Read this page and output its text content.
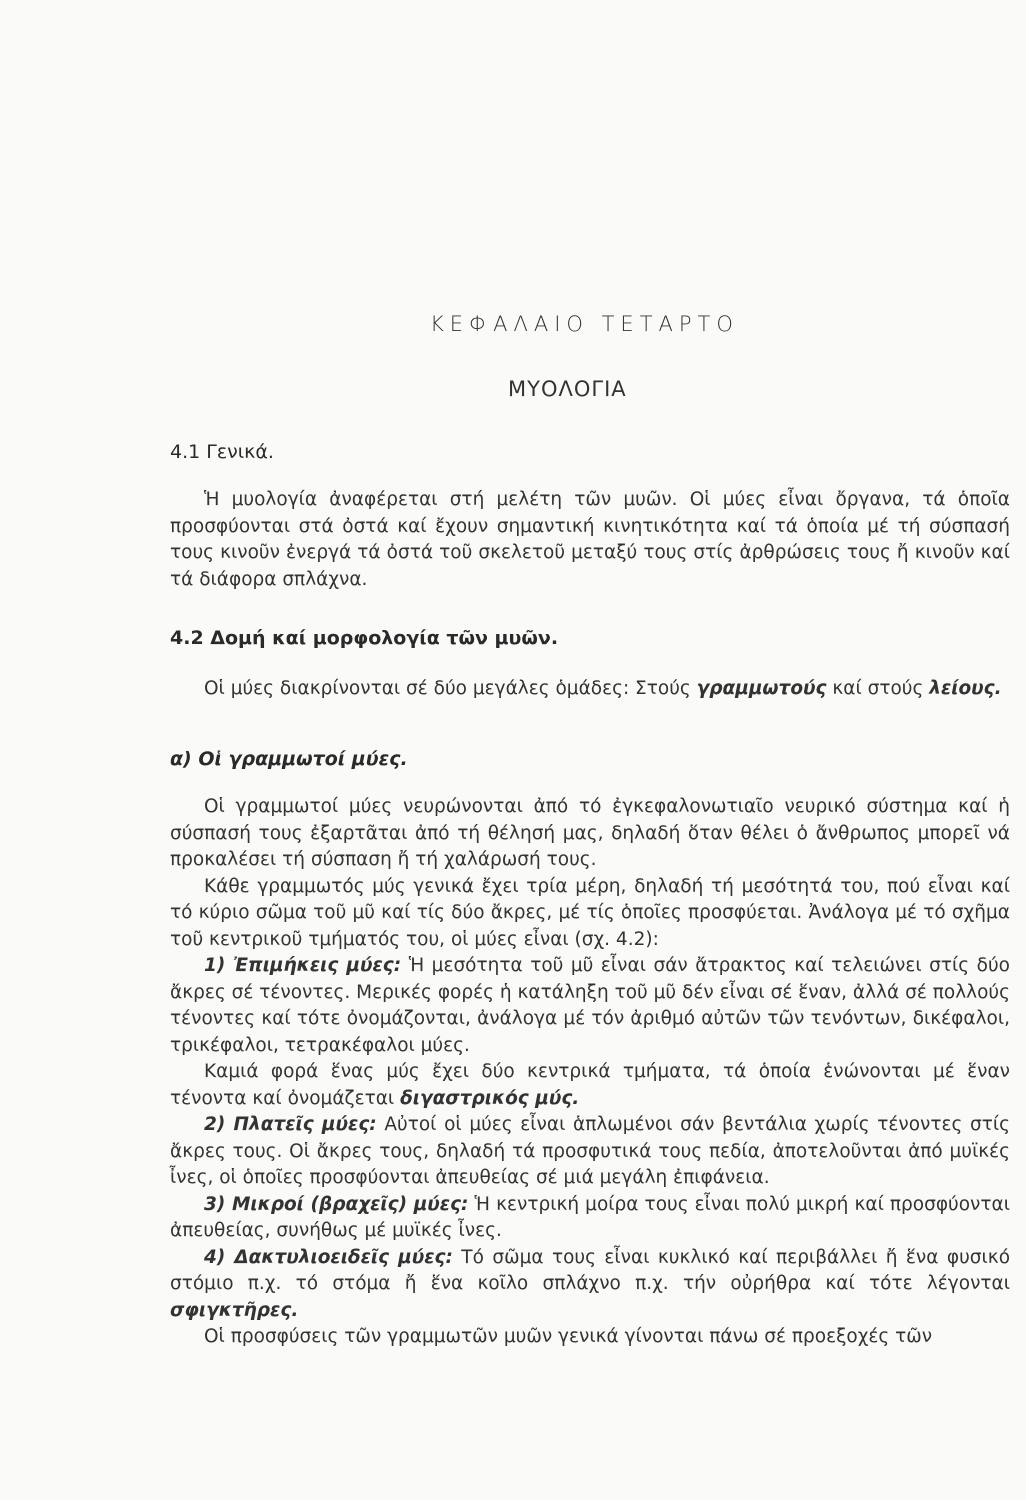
ΚΕΦΑΛΑΙΟ ΤΕΤΑΡΤΟ
ΜΥΟΛΟΓΙΑ
4.1 Γενικά.

Ἡ μυολογία ἀναφέρεται στή μελέτη τῶν μυῶν. Οἱ μύες εἶναι ὄργανα, τά ὁποῖα προσφύονται στά ὀστά καί ἔχουν σημαντική κινητικότητα καί τά ὁποία μέ τή σύσπασή τους κινοῦν ἐνεργά τά ὀστά τοῦ σκελετοῦ μεταξύ τους στίς ἀρθρώσεις τους ἤ κινοῦν καί τά διάφορα σπλάχνα.

4.2 Δομή καί μορφολογία τῶν μυῶν.

Οἱ μύες διακρίνονται σέ δύο μεγάλες ὁμάδες: Στούς γραμμωτούς καί στούς λείους.

α) Οἱ γραμμωτοί μύες.

Οἱ γραμμωτοί μύες νευρώνονται ἀπό τό ἐγκεφαλονωτιαῖο νευρικό σύστημα καί ἡ σύσπασή τους ἐξαρτᾶται ἀπό τή θέλησή μας, δηλαδή ὅταν θέλει ὁ ἄνθρωπος μπορεῖ νά προκαλέσει τή σύσπαση ἤ τή χαλάρωσή τους.

Κάθε γραμμωτός μύς γενικά ἔχει τρία μέρη, δηλαδή τή μεσότητά του, πού εἶναι καί τό κύριο σῶμα τοῦ μῦ καί τίς δύο ἄκρες, μέ τίς ὁποῖες προσφύεται. Ἀνάλογα μέ τό σχῆμα τοῦ κεντρικοῦ τμήματός του, οἱ μύες εἶναι (σχ. 4.2):

1) Ἐπιμήκεις μύες: Ἡ μεσότητα τοῦ μῦ εἶναι σάν ἄτρακτος καί τελειώνει στίς δύο ἄκρες σέ τένοντες. Μερικές φορές ἡ κατάληξη τοῦ μῦ δέν εἶναι σέ ἕναν, ἀλλά σέ πολλούς τένοντες καί τότε ὀνομάζονται, ἀνάλογα μέ τόν ἀριθμό αὐτῶν τῶν τενόντων, δικέφαλοι, τρικέφαλοι, τετρακέφαλοι μύες.

Καμιά φορά ἕνας μύς ἔχει δύο κεντρικά τμήματα, τά ὁποία ἑνώνονται μέ ἕναν τένοντα καί ὀνομάζεται διγαστρικός μύς.

2) Πλατεῖς μύες: Αὐτοί οἱ μύες εἶναι ἁπλωμένοι σάν βεντάλια χωρίς τένοντες στίς ἄκρες τους. Οἱ ἄκρες τους, δηλαδή τά προσφυτικά τους πεδία, ἀποτελοῦνται ἀπό μυϊκές ἶνες, οἱ ὁποῖες προσφύονται ἀπευθείας σέ μιά μεγάλη ἐπιφάνεια.

3) Μικροί (βραχεῖς) μύες: Ἡ κεντρική μοίρα τους εἶναι πολύ μικρή καί προσφύονται ἀπευθείας, συνήθως μέ μυϊκές ἶνες.

4) Δακτυλιοειδεῖς μύες: Τό σῶμα τους εἶναι κυκλικό καί περιβάλλει ἤ ἕνα φυσικό στόμιο π.χ. τό στόμα ἤ ἕνα κοῖλο σπλάχνο π.χ. τήν οὐρήθρα καί τότε λέγονται σφιγκτῆρες.

Οἱ προσφύσεις τῶν γραμμωτῶν μυῶν γενικά γίνονται πάνω σέ προεξοχές τῶν
